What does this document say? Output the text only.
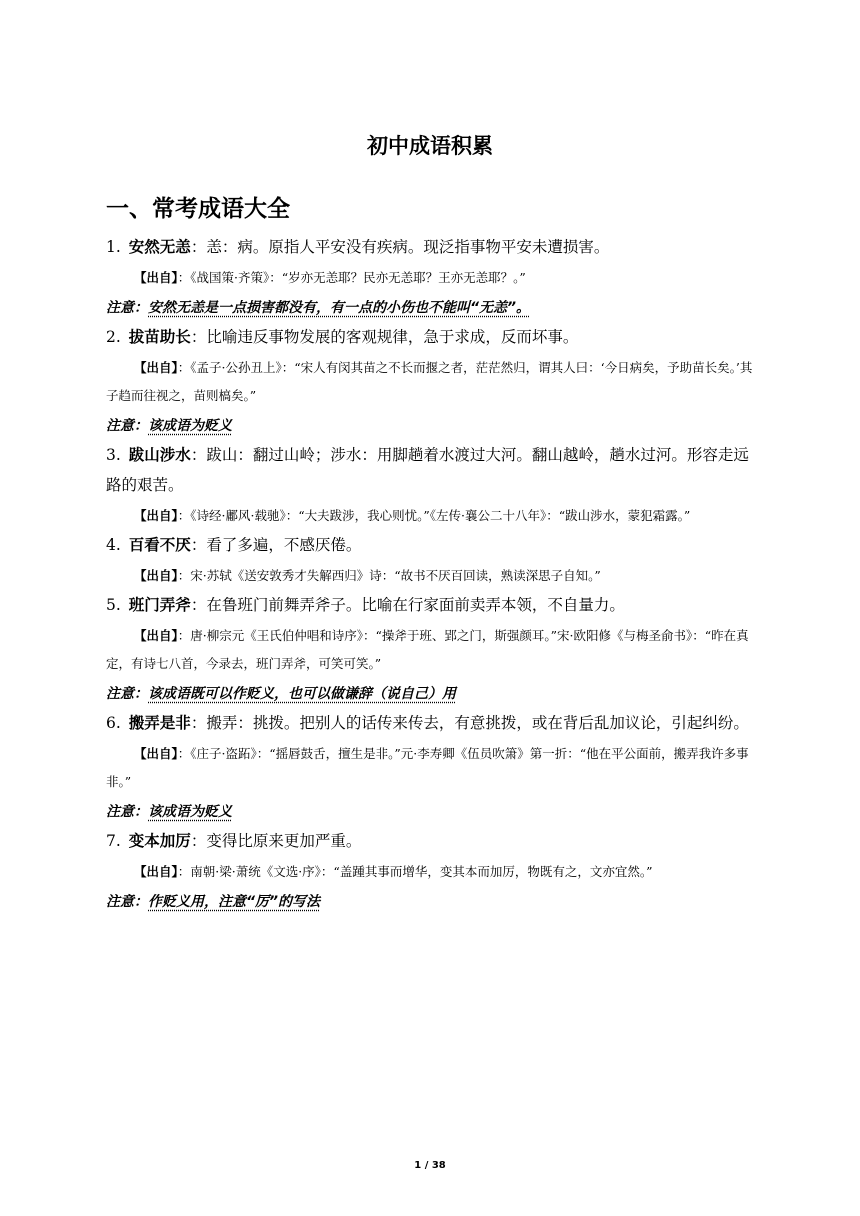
初中成语积累
一、常考成语大全

1. 安然无恙：恙：病。原指人平安没有疾病。现泛指事物平安未遭损害。

【出自】：《战国策·齐策》：“岁亦无恙耶？民亦无恙耶？王亦无恙耶？。”

注意：安然无恙是一点损害都没有，有一点的小伤也不能叫“无恙”。

2. 拔苗助长：比喻违反事物发展的客观规律，急于求成，反而坏事。

【出自】：《孟子·公孙丑上》：“宋人有闵其苗之不长而揠之者，茫茫然归，谓其人曰：‘今日病矣，予助苗长矣。’其子趋而往视之，苗则槁矣。”

注意：该成语为贬义

3. 跋山涉水：跋山：翻过山岭；涉水：用脚趟着水渡过大河。翻山越岭，趟水过河。形容走远路的艰苦。

【出自】：《诗经·鄘风·载驰》：“大夫跋涉，我心则忧。”《左传·襄公二十八年》：“跋山涉水，蒙犯霜露。”

4. 百看不厌：看了多遍，不感厌倦。

【出自】：宋·苏轼《送安敦秀才失解西归》诗：“故书不厌百回读，熟读深思子自知。”

5. 班门弄斧：在鲁班门前舞弄斧子。比喻在行家面前卖弄本领，不自量力。

【出自】：唐·柳宗元《王氏伯仲唱和诗序》：“操斧于班、郢之门，斯强颜耳。”宋·欧阳修《与梅圣俞书》：“昨在真定，有诗七八首，今录去，班门弄斧，可笑可笑。”

注意：该成语既可以作贬义，也可以做谦辞（说自己）用

6. 搬弄是非：搬弄：挑拨。把别人的话传来传去，有意挑拨，或在背后乱加议论，引起纠纷。

【出自】：《庄子·盗跖》：“摇唇鼓舌，擅生是非。”元·李寿卿《伍员吹箫》第一折：“他在平公面前，搬弄我许多事非。”

注意：该成语为贬义

7. 变本加厉：变得比原来更加严重。

【出自】：南朝·梁·萧统《文选·序》：“盖踵其事而增华，变其本而加厉，物既有之，文亦宜然。”

注意：作贬义用，注意“厉”的写法

1 / 38
